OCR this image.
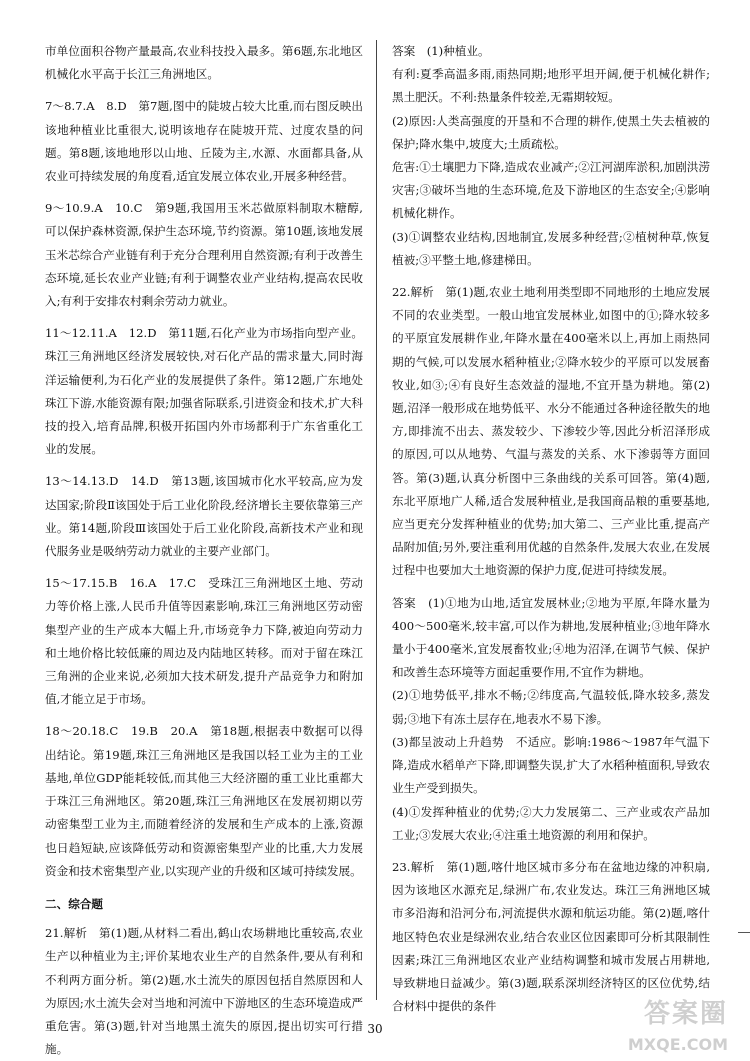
市单位面积谷物产量最高,农业科技投入最多。第6题,东北地区机械化水平高于长江三角洲地区。

7～8.7.A　8.D　第7题,图中的陡坡占较大比重,而右图反映出该地种植业比重很大,说明该地存在陡坡开荒、过度农垦的问题。第8题,该地地形以山地、丘陵为主,水源、水面都具备,从农业可持续发展的角度看,适宜发展立体农业,开展多种经营。

9～10.9.A　10.C　第9题,我国用玉米芯做原料制取木糖醇,可以保护森林资源,保护生态环境,节约资源。第10题,该地发展玉米芯综合产业链有利于充分合理利用自然资源;有利于改善生态环境,延长农业产业链;有利于调整农业产业结构,提高农民收入;有利于安排农村剩余劳动力就业。

11～12.11.A　12.D　第11题,石化产业为市场指向型产业。珠江三角洲地区经济发展较快,对石化产品的需求量大,同时海洋运输便利,为石化产业的发展提供了条件。第12题,广东地处珠江下游,水能资源有限;加强省际联系,引进资金和技术,扩大科技的投入,培育品牌,积极开拓国内外市场都利于广东省重化工业的发展。

13～14.13.D　14.D　第13题,该国城市化水平较高,应为发达国家;阶段Ⅱ该国处于后工业化阶段,经济增长主要依靠第三产业。第14题,阶段Ⅲ该国处于后工业化阶段,高新技术产业和现代服务业是吸纳劳动力就业的主要产业部门。

15～17.15.B　16.A　17.C　受珠江三角洲地区土地、劳动力等价格上涨,人民币升值等因素影响,珠江三角洲地区劳动密集型产业的生产成本大幅上升,市场竞争力下降,被迫向劳动力和土地价格比较低廉的周边及内陆地区转移。而对于留在珠江三角洲的企业来说,必须加大技术研发,提升产品竞争力和附加值,才能立足于市场。

18～20.18.C　19.B　20.A　第18题,根据表中数据可以得出结论。第19题,珠江三角洲地区是我国以轻工业为主的工业基地,单位GDP能耗较低,而其他三大经济圈的重工业比重都大于珠江三角洲地区。第20题,珠江三角洲地区在发展初期以劳动密集型工业为主,而随着经济的发展和生产成本的上涨,资源也日趋短缺,应该降低劳动和资源密集型产业的比重,大力发展资金和技术密集型产业,以实现产业的升级和区域可持续发展。

二、综合题

21.解析　第(1)题,从材料二看出,鹤山农场耕地比重较高,农业生产以种植业为主;评价某地农业生产的自然条件,要从有利和不利两方面分析。第(2)题,水土流失的原因包括自然原因和人为原因;水土流失会对当地和河流中下游地区的生态环境造成严重危害。第(3)题,针对当地黑土流失的原因,提出切实可行措施。

答案　(1)种植业。

有利:夏季高温多雨,雨热同期;地形平坦开阔,便于机械化耕作;黑土肥沃。不利:热量条件较差,无霜期较短。

(2)原因:人类高强度的开垦和不合理的耕作,使黑土失去植被的保护;降水集中,坡度大;土质疏松。

危害:①土壤肥力下降,造成农业减产;②江河湖库淤积,加剧洪涝灾害;③破坏当地的生态环境,危及下游地区的生态安全;④影响机械化耕作。

(3)①调整农业结构,因地制宜,发展多种经营;②植树种草,恢复植被;③平整土地,修建梯田。

22.解析　第(1)题,农业土地利用类型即不同地形的土地应发展不同的农业类型。一般山地宜发展林业,如图中的①;降水较多的平原宜发展耕作业,年降水量在400毫米以上,再加上雨热同期的气候,可以发展水稻种植业;②降水较少的平原可以发展畜牧业,如③;④有良好生态效益的湿地,不宜开垦为耕地。第(2)题,沼泽一般形成在地势低平、水分不能通过各种途径散失的地方,即排流不出去、蒸发较少、下渗较少等,因此分析沼泽形成的原因,可以从地势、气温与蒸发的关系、水下渗弱等方面回答。第(3)题,认真分析图中三条曲线的关系可回答。第(4)题,东北平原地广人稀,适合发展种植业,是我国商品粮的重要基地,应当更充分发挥种植业的优势;加大第二、三产业比重,提高产品附加值;另外,要注重利用优越的自然条件,发展大农业,在发展过程中也要加大土地资源的保护力度,促进可持续发展。

答案　(1)①地为山地,适宜发展林业;②地为平原,年降水量为400～500毫米,较丰富,可以作为耕地,发展种植业;③地年降水量小于400毫米,宜发展畜牧业;④地为沼泽,在调节气候、保护和改善生态环境等方面起重要作用,不宜作为耕地。

(2)①地势低平,排水不畅;②纬度高,气温较低,降水较多,蒸发弱;③地下有冻土层存在,地表水不易下渗。

(3)都呈波动上升趋势　不适应。影响:1986～1987年气温下降,造成水稻单产下降,即调整失误,扩大了水稻种植面积,导致农业生产受到损失。

(4)①发挥种植业的优势;②大力发展第二、三产业或农产品加工业;③发展大农业;④注重土地资源的利用和保护。

23.解析　第(1)题,喀什地区城市多分布在盆地边缘的冲积扇,因为该地区水源充足,绿洲广布,农业发达。珠江三角洲地区城市多沿海和沿河分布,河流提供水源和航运功能。第(2)题,喀什地区特色农业是绿洲农业,结合农业区位因素即可分析其限制性因素;珠江三角洲地区农业产业结构调整和城市发展占用耕地,导致耕地日益减少。第(3)题,联系深圳经济特区的区位优势,结合材料中提供的条件

30	答案圈
MXQE.COM
